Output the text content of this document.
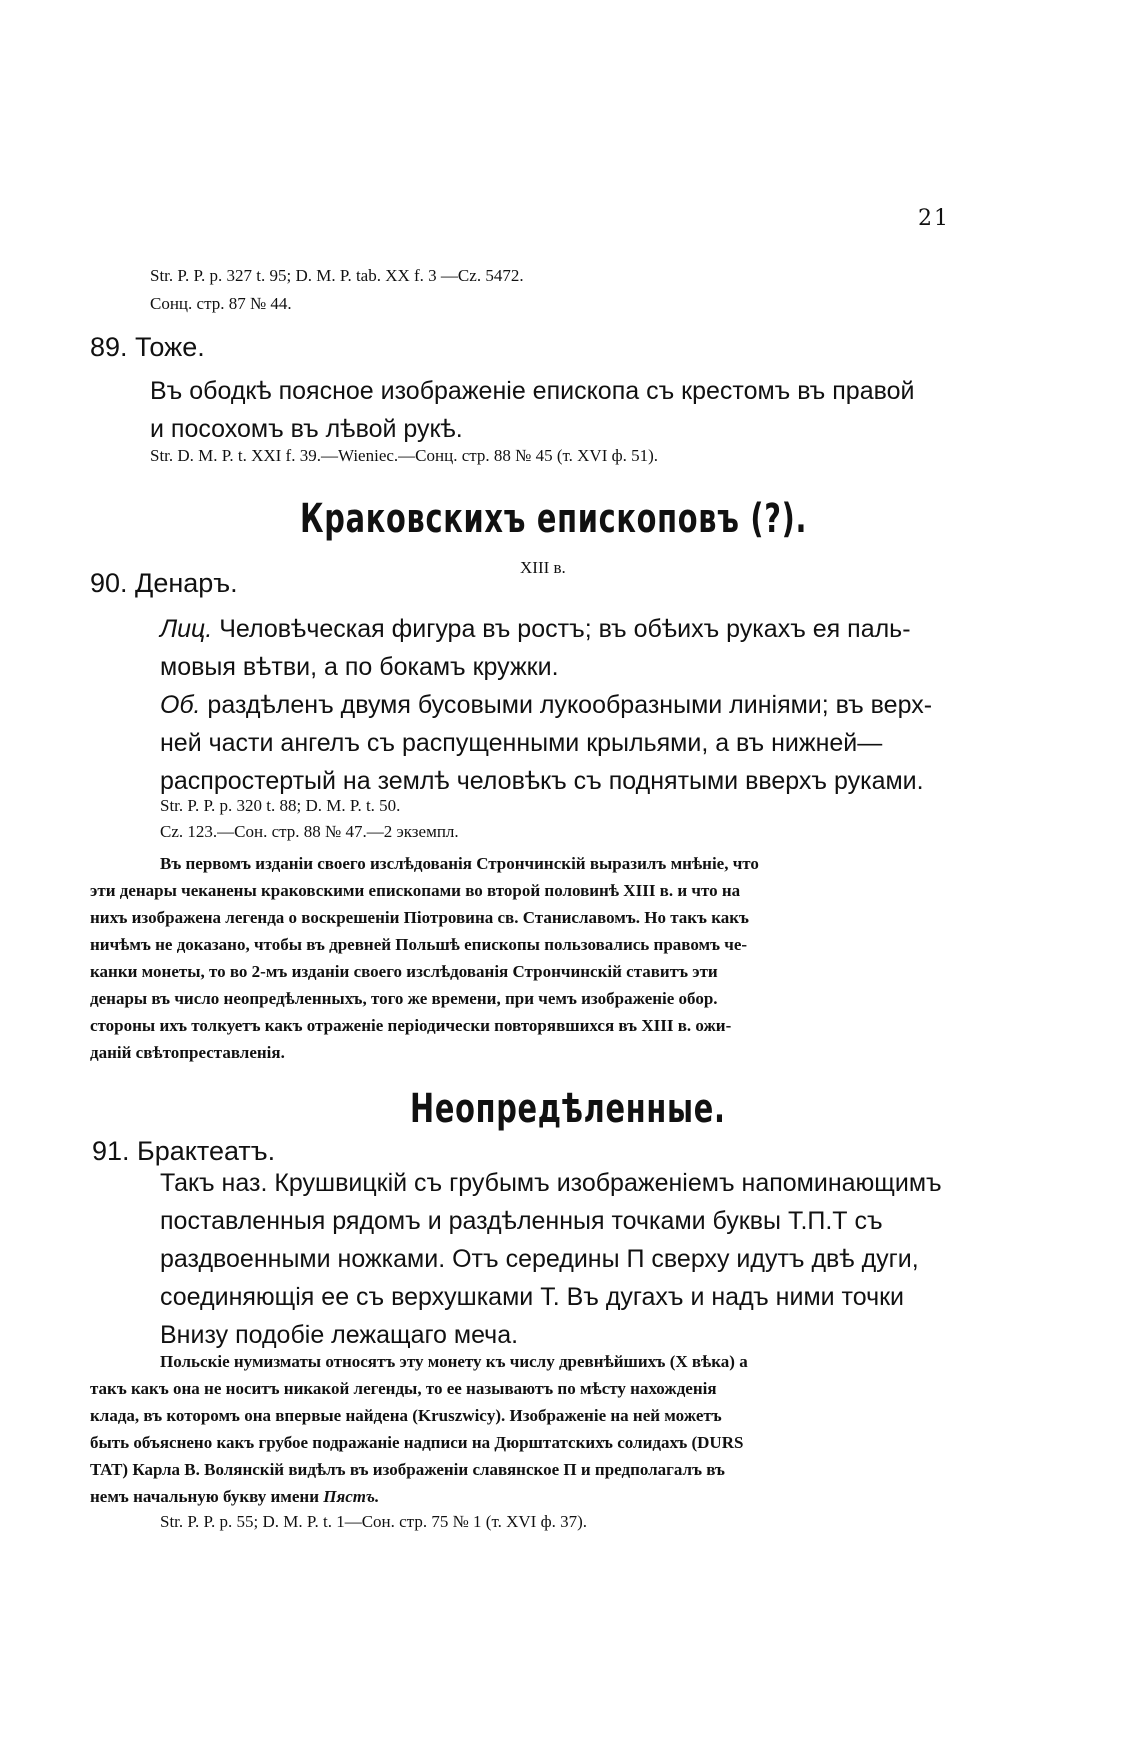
21
Str. P. P. p. 327 t. 95; D. M. P. tab. XX f. 3 —Cz. 5472.
Сонц. стр. 87 № 44.
89. Тоже.

Въ ободкѣ поясное изображеніе епископа съ крестомъ въ правой

и посохомъ въ лѣвой рукѣ.

Str. D. M. P. t. XXI f. 39.—Wieniec.—Сонц. стр. 88 № 45 (т. XVI ф. 51).
Краковскихъ епископовъ (?).
XIII в.
90. Денаръ.

Лиц. Человѣческая фигура въ ростъ; въ обѣихъ рукахъ ея паль-

мовыя вѣтви, а по бокамъ кружки.

Об. раздѣленъ двумя бусовыми лукообразными линіями; въ верх-

ней части ангелъ съ распущенными крыльями, а въ нижней—

распростертый на землѣ человѣкъ съ поднятыми вверхъ руками.

Str. P. P. p. 320 t. 88; D. M. P. t. 50.
Cz. 123.—Сон. стр. 88 № 47.—2 экземпл.

Въ первомъ изданіи своего изслѣдованія Стрончинскій выразилъ мнѣніе, что

эти денары чеканены краковскими епископами во второй половинѣ XIII в. и что на

нихъ изображена легенда о воскрешеніи Піотровина св. Станиславомъ. Но такъ какъ

ничѣмъ не доказано, чтобы въ древней Польшѣ епископы пользовались правомъ че-

канки монеты, то во 2-мъ изданіи своего изслѣдованія Стрончинскій ставитъ эти

денары въ число неопредѣленныхъ, того же времени, при чемъ изображеніе обор.

стороны ихъ толкуетъ какъ отраженіе періодически повторявшихся въ XIII в. ожи-

даній свѣтопреставленія.

Неопредѣленные.
91. Брактеатъ.

Такъ наз. Крушвицкій съ грубымъ изображеніемъ напоминающимъ

поставленныя рядомъ и раздѣленныя точками буквы Т.П.Т съ

раздвоенными ножками. Отъ середины П сверху идутъ двѣ дуги,

соединяющія ее съ верхушками Т. Въ дугахъ и надъ ними точки

Внизу подобіе лежащаго меча.

Польскіе нумизматы относятъ эту монету къ числу древнѣйшихъ (X вѣка) а

такъ какъ она не носитъ никакой легенды, то ее называютъ по мѣсту нахожденія

клада, въ которомъ она впервые найдена (Kruszwicy). Изображеніе на ней можетъ

быть объяснено какъ грубое подражаніе надписи на Дюрштатскихъ солидахъ (DURS

TAT) Карла В. Волянскій видѣлъ въ изображеніи славянское П и предполагалъ въ

немъ начальную букву имени Пястъ.

Str. P. P. p. 55; D. M. P. t. 1—Сон. стр. 75 № 1 (т. XVI ф. 37).
